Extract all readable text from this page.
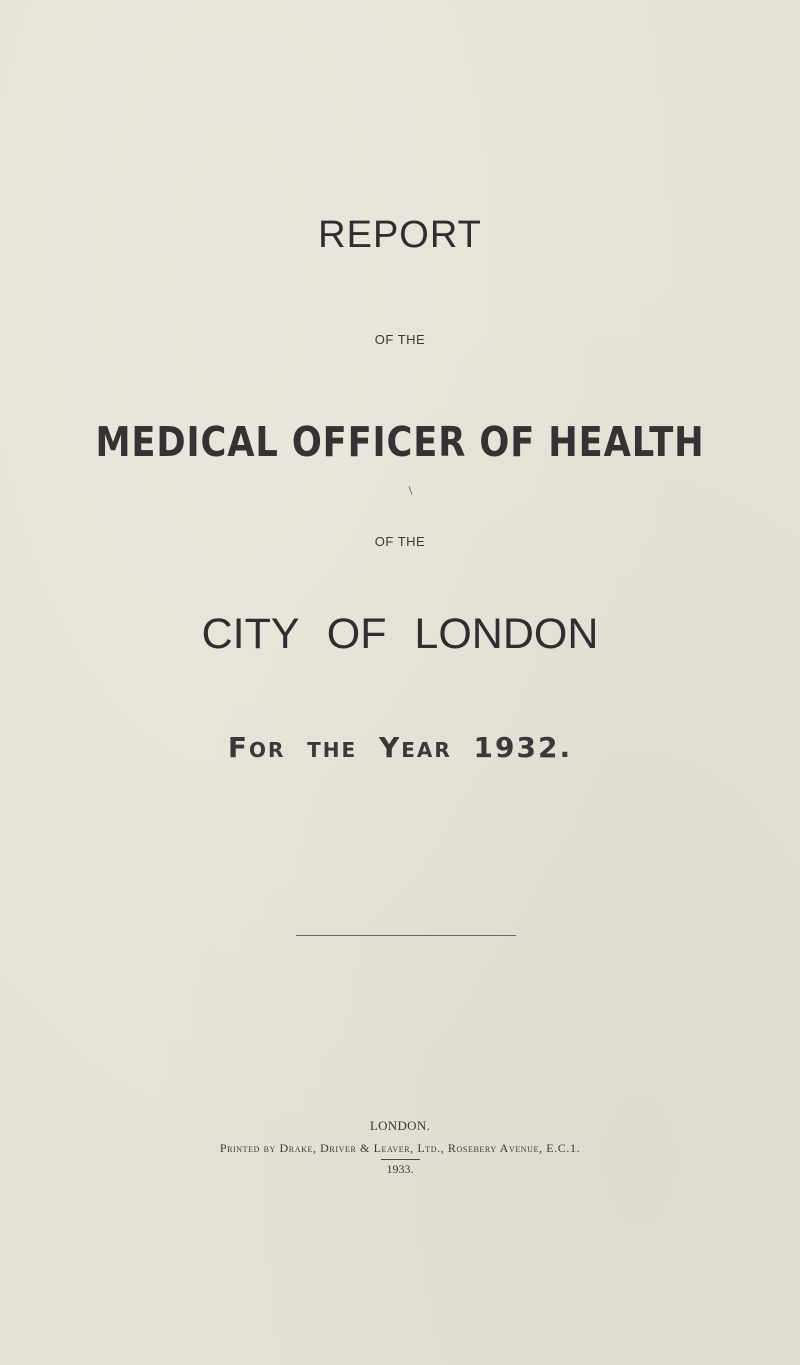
REPORT
OF THE
MEDICAL OFFICER OF HEALTH
OF THE
CITY OF LONDON
For the Year 1932.
LONDON.
Printed by Drake, Driver & Leaver, Ltd., Rosebery Avenue, E.C.1.
1933.
